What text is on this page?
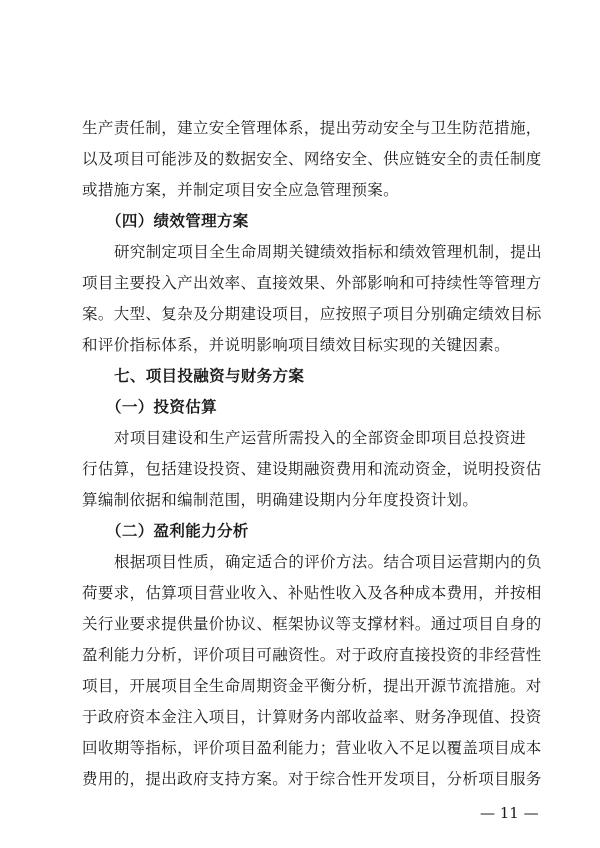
生产责任制，建立安全管理体系，提出劳动安全与卫生防范措施，
以及项目可能涉及的数据安全、网络安全、供应链安全的责任制度
或措施方案，并制定项目安全应急管理预案。
（四）绩效管理方案
研究制定项目全生命周期关键绩效指标和绩效管理机制，提出
项目主要投入产出效率、直接效果、外部影响和可持续性等管理方
案。大型、复杂及分期建设项目，应按照子项目分别确定绩效目标
和评价指标体系，并说明影响项目绩效目标实现的关键因素。
七、项目投融资与财务方案
（一）投资估算
对项目建设和生产运营所需投入的全部资金即项目总投资进
行估算，包括建设投资、建设期融资费用和流动资金，说明投资估
算编制依据和编制范围，明确建设期内分年度投资计划。
（二）盈利能力分析
根据项目性质，确定适合的评价方法。结合项目运营期内的负
荷要求，估算项目营业收入、补贴性收入及各种成本费用，并按相
关行业要求提供量价协议、框架协议等支撑材料。通过项目自身的
盈利能力分析，评价项目可融资性。对于政府直接投资的非经营性
项目，开展项目全生命周期资金平衡分析，提出开源节流措施。对
于政府资本金注入项目，计算财务内部收益率、财务净现值、投资
回收期等指标，评价项目盈利能力；营业收入不足以覆盖项目成本
费用的，提出政府支持方案。对于综合性开发项目，分析项目服务
— 11 —
